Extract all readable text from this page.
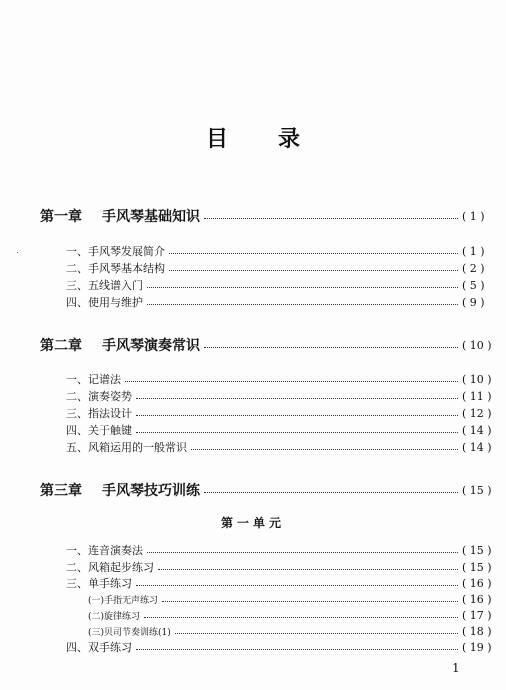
目 录
第一章 手风琴基础知识	( 1 )
一、手风琴发展简介	( 1 )
二、手风琴基本结构	( 2 )
三、五线谱入门	( 5 )
四、使用与维护	( 9 )
第二章 手风琴演奏常识	( 10 )
一、记谱法	( 10 )
二、演奏姿势	( 11 )
三、指法设计	( 12 )
四、关于触键	( 14 )
五、风箱运用的一般常识	( 14 )
第三章 手风琴技巧训练	( 15 )
第一单元
一、连音演奏法	( 15 )
二、风箱起步练习	( 15 )
三、单手练习	( 16 )
(一)手指无声练习	( 16 )
(二)旋律练习	( 17 )
(三)贝司节奏训练(1)	( 18 )
四、双手练习	( 19 )
1
